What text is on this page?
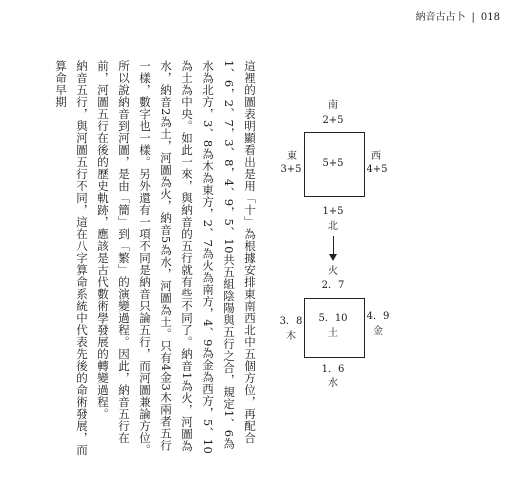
納音古占卜 | 018

這裡的圖表明顯看出是用「十」為根據安排東南西北中五個方位，再配合1、6，2、7，3、8，4、9，5、10共五組陰陽與五行之合，規定1、6為水為北方，3、8為木為東方，2、7為火為南方，4、9為金為西方，5、10為土為中央。如此一來，與納音的五行就有些不同了。納音1為火，河圖為水，納音2為土，河圖為火，納音5為水，河圖為土。只有4金3木兩者五行一樣，數字也一樣。另外還有一項不同是納音只論五行，而河圖兼論方位。所以說納音到河圖，是由「簡」到「繁」的演變過程。因此，納音五行在前，河圖五行在後的歷史軌跡，應該是古代數術學發展的轉變過程。

納音五行，與河圖五行不同，這在八字算命系統中代表先後的命術發展，而算命早期	南
2+5
東
3+5
5+5
西
4+5
1+5
北
火
2．7
3．8
木
5．10
土
4．9
金
1．6
水
